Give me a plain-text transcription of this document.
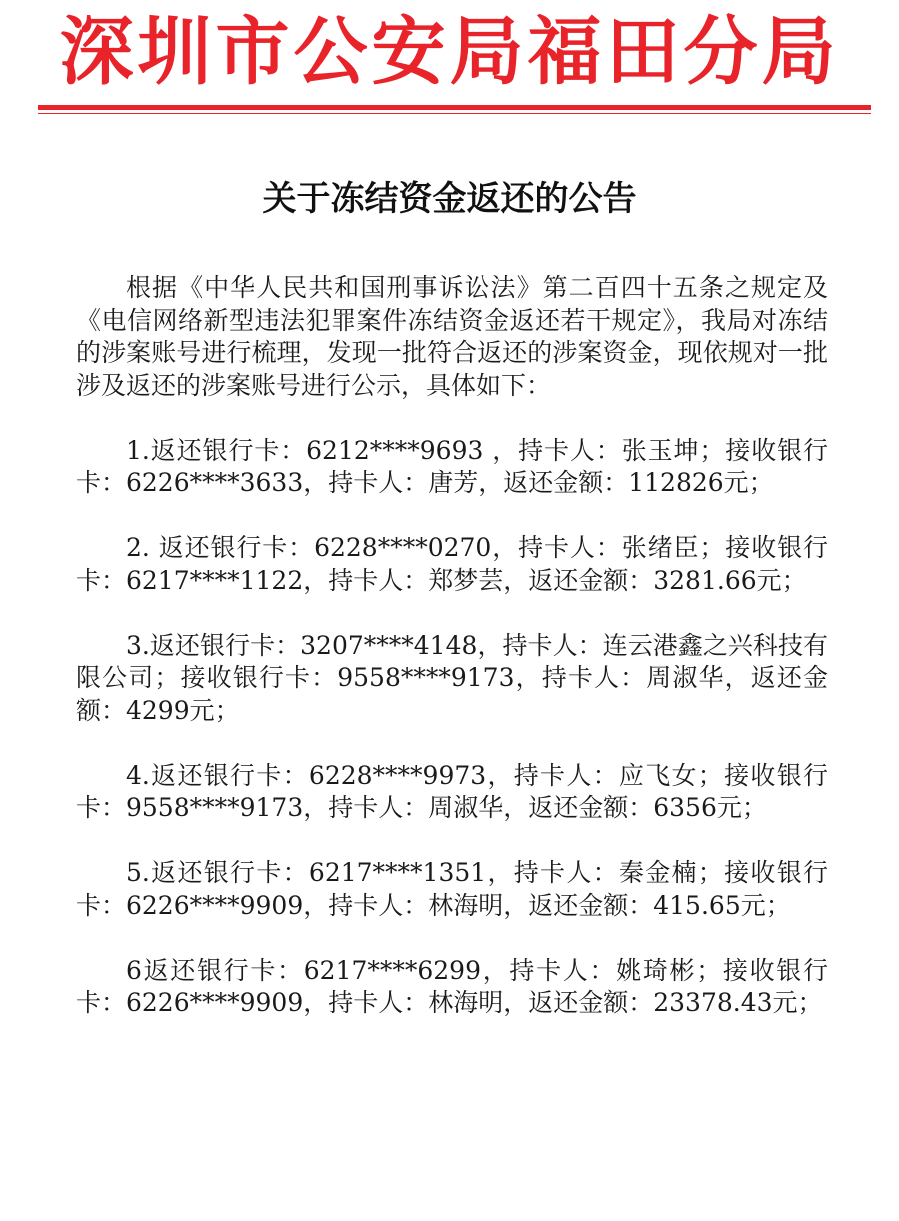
深圳市公安局福田分局
关于冻结资金返还的公告

根据《中华人民共和国刑事诉讼法》第二百四十五条之规定及《电信网络新型违法犯罪案件冻结资金返还若干规定》，我局对冻结的涉案账号进行梳理，发现一批符合返还的涉案资金，现依规对一批涉及返还的涉案账号进行公示，具体如下：

1.返还银行卡：6212****9693 ，持卡人：张玉坤；接收银行卡：6226****3633，持卡人：唐芳，返还金额：112826元；

2. 返还银行卡：6228****0270，持卡人：张绪臣；接收银行卡：6217****1122，持卡人：郑梦芸，返还金额：3281.66元；

3.返还银行卡：3207****4148，持卡人：连云港鑫之兴科技有限公司；接收银行卡：9558****9173，持卡人：周淑华，返还金额：4299元；

4.返还银行卡：6228****9973，持卡人：应飞女；接收银行卡：9558****9173，持卡人：周淑华，返还金额：6356元；

5.返还银行卡：6217****1351，持卡人：秦金楠；接收银行卡：6226****9909，持卡人：林海明，返还金额：415.65元；

6返还银行卡：6217****6299，持卡人：姚琦彬；接收银行卡：6226****9909，持卡人：林海明，返还金额：23378.43元；
